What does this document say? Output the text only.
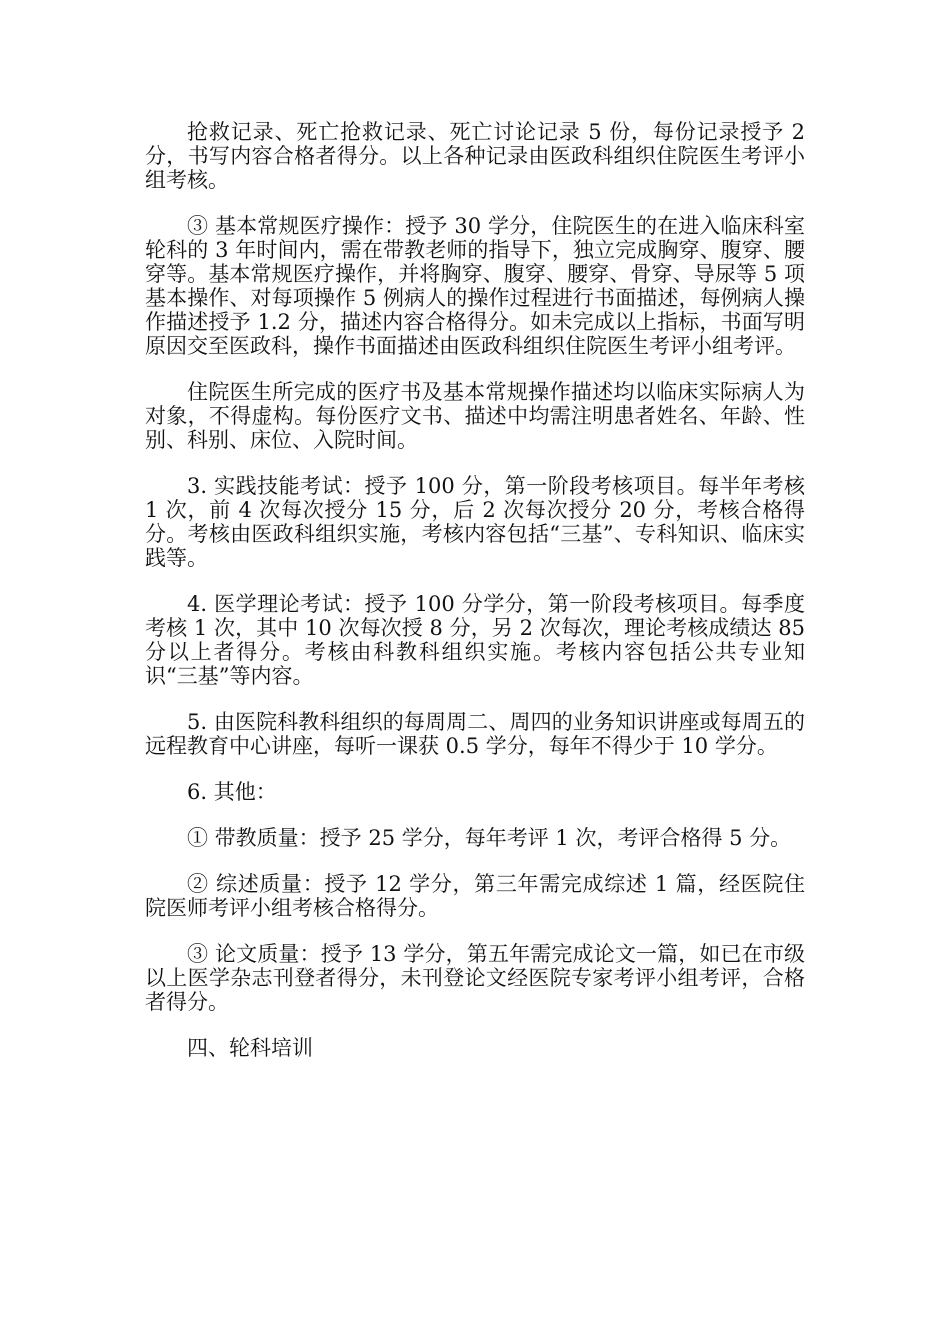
抢救记录、死亡抢救记录、死亡讨论记录 5 份，每份记录授予 2 分，书写内容合格者得分。以上各种记录由医政科组织住院医生考评小组考核。

③ 基本常规医疗操作：授予 30 学分，住院医生的在进入临床科室轮科的 3 年时间内，需在带教老师的指导下，独立完成胸穿、腹穿、腰穿等。基本常规医疗操作，并将胸穿、腹穿、腰穿、骨穿、导尿等 5 项基本操作、对每项操作 5 例病人的操作过程进行书面描述，每例病人操作描述授予 1.2 分，描述内容合格得分。如未完成以上指标，书面写明原因交至医政科，操作书面描述由医政科组织住院医生考评小组考评。

住院医生所完成的医疗书及基本常规操作描述均以临床实际病人为对象，不得虚构。每份医疗文书、描述中均需注明患者姓名、年龄、性别、科别、床位、入院时间。

3. 实践技能考试：授予 100 分，第一阶段考核项目。每半年考核 1 次，前 4 次每次授分 15 分，后 2 次每次授分 20 分，考核合格得分。考核由医政科组织实施，考核内容包括“三基”、专科知识、临床实践等。

4. 医学理论考试：授予 100 分学分，第一阶段考核项目。每季度考核 1 次，其中 10 次每次授 8 分，另 2 次每次，理论考核成绩达 85 分以上者得分。考核由科教科组织实施。考核内容包括公共专业知识“三基”等内容。

5. 由医院科教科组织的每周周二、周四的业务知识讲座或每周五的远程教育中心讲座，每听一课获 0.5 学分，每年不得少于 10 学分。

6. 其他：

① 带教质量：授予 25 学分，每年考评 1 次，考评合格得 5 分。

② 综述质量：授予 12 学分，第三年需完成综述 1 篇，经医院住院医师考评小组考核合格得分。

③ 论文质量：授予 13 学分，第五年需完成论文一篇，如已在市级以上医学杂志刊登者得分，未刊登论文经医院专家考评小组考评，合格者得分。

四、轮科培训
